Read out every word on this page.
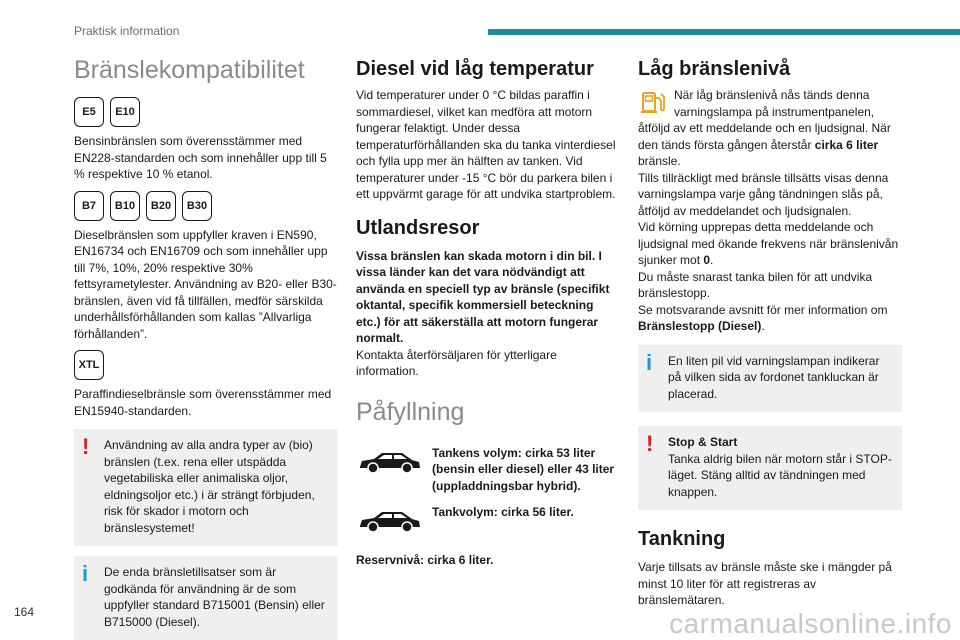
Praktisk information
Bränslekompatibilitet
E5	E10

Bensinbränslen som överensstämmer med EN228-standarden och som innehåller upp till 5 % respektive 10 % etanol.

B7	B10	B20	B30

Dieselbränslen som uppfyller kraven i EN590, EN16734 och EN16709 och som innehåller upp till 7%, 10%, 20% respektive 30% fettsyrametylester. Användning av B20- eller B30-bränslen, även vid få tillfällen, medför särskilda underhållsförhållanden som kallas ”Allvarliga förhållanden”.

XTL

Paraffindieselbränsle som överensstämmer med EN15940-standarden.

!	Användning av alla andra typer av (bio) bränslen (t.ex. rena eller utspädda vegetabiliska eller animaliska oljor, eldningsoljor etc.) i är strängt förbjuden, risk för skador i motorn och bränslesystemet!

i	De enda bränsletillsatser som är godkända för användning är de som uppfyller standard B715001 (Bensin) eller B715000 (Diesel).

Diesel vid låg temperatur

Vid temperaturer under 0 °C bildas paraffin i sommardiesel, vilket kan medföra att motorn fungerar felaktigt. Under dessa temperaturförhållanden ska du tanka vinterdiesel och fylla upp mer än hälften av tanken. Vid temperaturer under -15 °C bör du parkera bilen i ett uppvärmt garage för att undvika startproblem.

Utlandsresor

Vissa bränslen kan skada motorn i din bil. I vissa länder kan det vara nödvändigt att använda en speciell typ av bränsle (specifikt oktantal, specifik kommersiell beteckning etc.) för att säkerställa att motorn fungerar normalt.

Kontakta återförsäljaren för ytterligare information.

Påfyllning

Tankens volym: cirka 53 liter (bensin eller diesel) eller 43 liter (uppladdningsbar hybrid).

Tankvolym: cirka 56 liter.

Reservnivå: cirka 6 liter.

Låg bränslenivå

När låg bränslenivå nås tänds denna varningslampa på instrumentpanelen, åtföljd av ett meddelande och en ljudsignal. När den tänds första gången återstår cirka 6 liter bränsle.

Tills tillräckligt med bränsle tillsätts visas denna varningslampa varje gång tändningen slås på, åtföljd av meddelandet och ljudsignalen.

Vid körning upprepas detta meddelande och ljudsignal med ökande frekvens när bränslenivån sjunker mot 0.

Du måste snarast tanka bilen för att undvika bränslestopp.

Se motsvarande avsnitt för mer information om Bränslestopp (Diesel).

i	En liten pil vid varningslampan indikerar på vilken sida av fordonet tankluckan är placerad.

!	Stop & Start

Tanka aldrig bilen när motorn står i STOP-läget. Stäng alltid av tändningen med knappen.

Tankning

Varje tillsats av bränsle måste ske i mängder på minst 10 liter för att registreras av bränslemätaren.

164	carmanualsonline.info
